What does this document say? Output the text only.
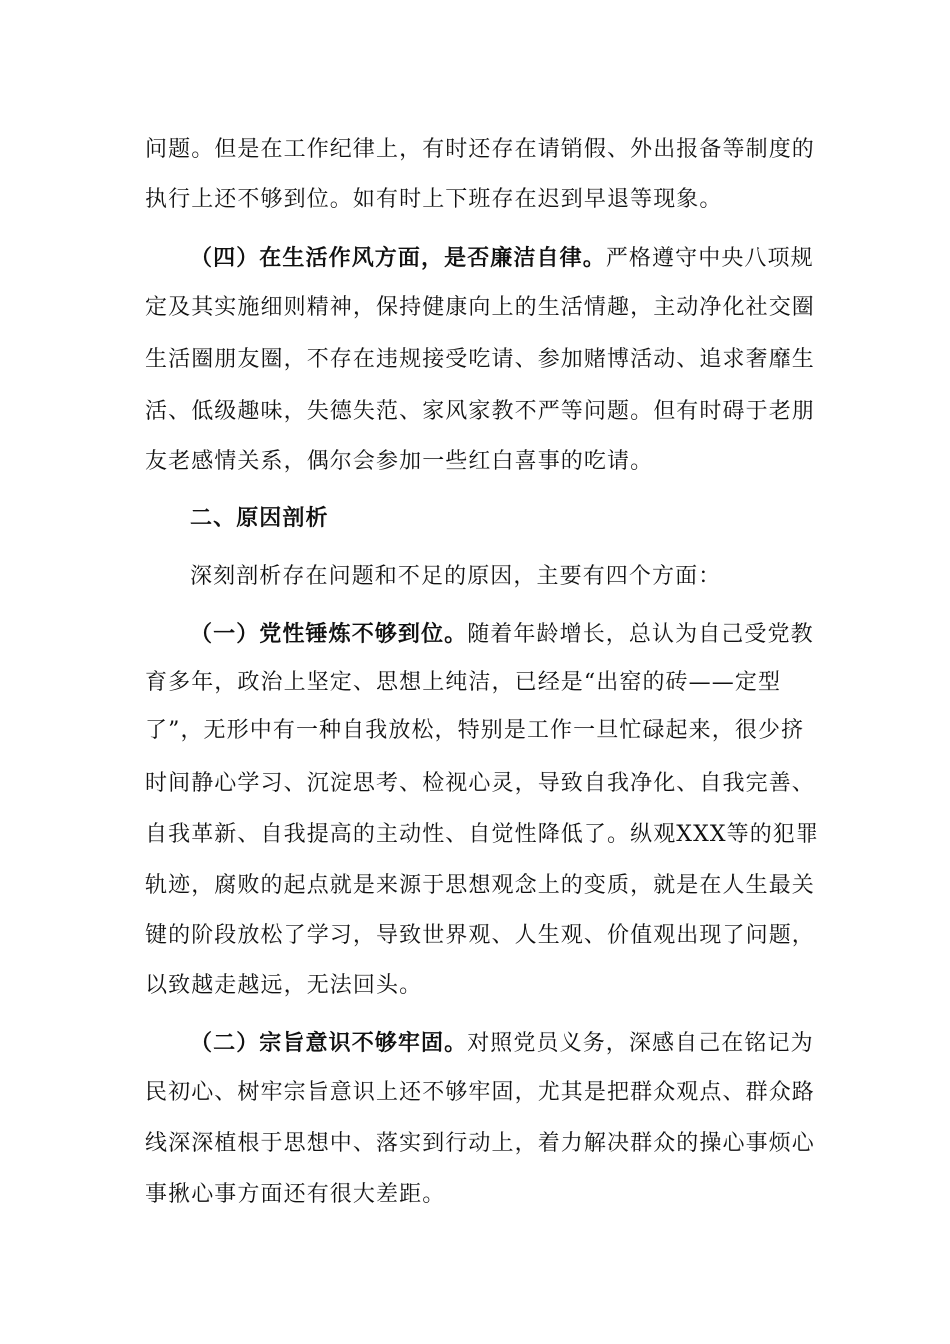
问题。但是在工作纪律上，有时还存在请销假、外出报备等制度的
执行上还不够到位。如有时上下班存在迟到早退等现象。
（四）在生活作风方面，是否廉洁自律。严格遵守中央八项规
定及其实施细则精神，保持健康向上的生活情趣，主动净化社交圈
生活圈朋友圈，不存在违规接受吃请、参加赌博活动、追求奢靡生
活、低级趣味，失德失范、家风家教不严等问题。但有时碍于老朋
友老感情关系，偶尔会参加一些红白喜事的吃请。
二、原因剖析
深刻剖析存在问题和不足的原因，主要有四个方面：
（一）党性锤炼不够到位。随着年龄增长，总认为自己受党教
育多年，政治上坚定、思想上纯洁，已经是“出窑的砖——定型
了”，无形中有一种自我放松，特别是工作一旦忙碌起来，很少挤
时间静心学习、沉淀思考、检视心灵，导致自我净化、自我完善、
自我革新、自我提高的主动性、自觉性降低了。纵观XXX等的犯罪
轨迹，腐败的起点就是来源于思想观念上的变质，就是在人生最关
键的阶段放松了学习，导致世界观、人生观、价值观出现了问题，
以致越走越远，无法回头。
（二）宗旨意识不够牢固。对照党员义务，深感自己在铭记为
民初心、树牢宗旨意识上还不够牢固，尤其是把群众观点、群众路
线深深植根于思想中、落实到行动上，着力解决群众的操心事烦心
事揪心事方面还有很大差距。
